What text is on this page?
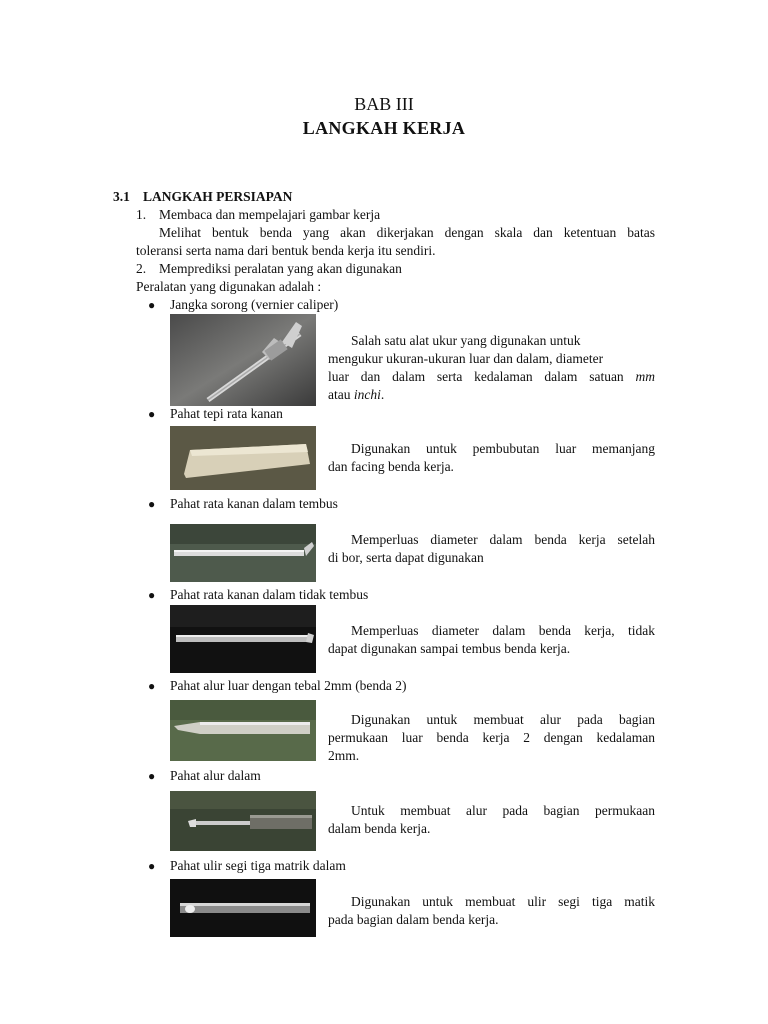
BAB III
LANGKAH KERJA
3.1 LANGKAH PERSIAPAN
1. Membaca dan mempelajari gambar kerja
Melihat bentuk benda yang akan dikerjakan dengan skala dan ketentuan batas
toleransi serta nama dari bentuk benda kerja itu sendiri.
2. Memprediksi peralatan yang akan digunakan
Peralatan yang digunakan adalah :
● Jangka sorong (vernier caliper)
Salah satu alat ukur yang digunakan untuk
mengukur ukuran-ukuran luar dan dalam, diameter
luar dan dalam serta kedalaman dalam satuan mm
atau inchi.
● Pahat tepi rata kanan
Digunakan untuk pembubutan luar memanjang
dan facing benda kerja.
● Pahat rata kanan dalam tembus
Memperluas diameter dalam benda kerja setelah
di bor, serta dapat digunakan
● Pahat rata kanan dalam tidak tembus
Memperluas diameter dalam benda kerja, tidak
dapat digunakan sampai tembus benda kerja.
● Pahat alur luar dengan tebal 2mm (benda 2)
Digunakan untuk membuat alur pada bagian
permukaan luar benda kerja 2 dengan kedalaman
2mm.
● Pahat alur dalam
Untuk membuat alur pada bagian permukaan
dalam benda kerja.
● Pahat ulir segi tiga matrik dalam
Digunakan untuk membuat ulir segi tiga matik
pada bagian dalam benda kerja.
